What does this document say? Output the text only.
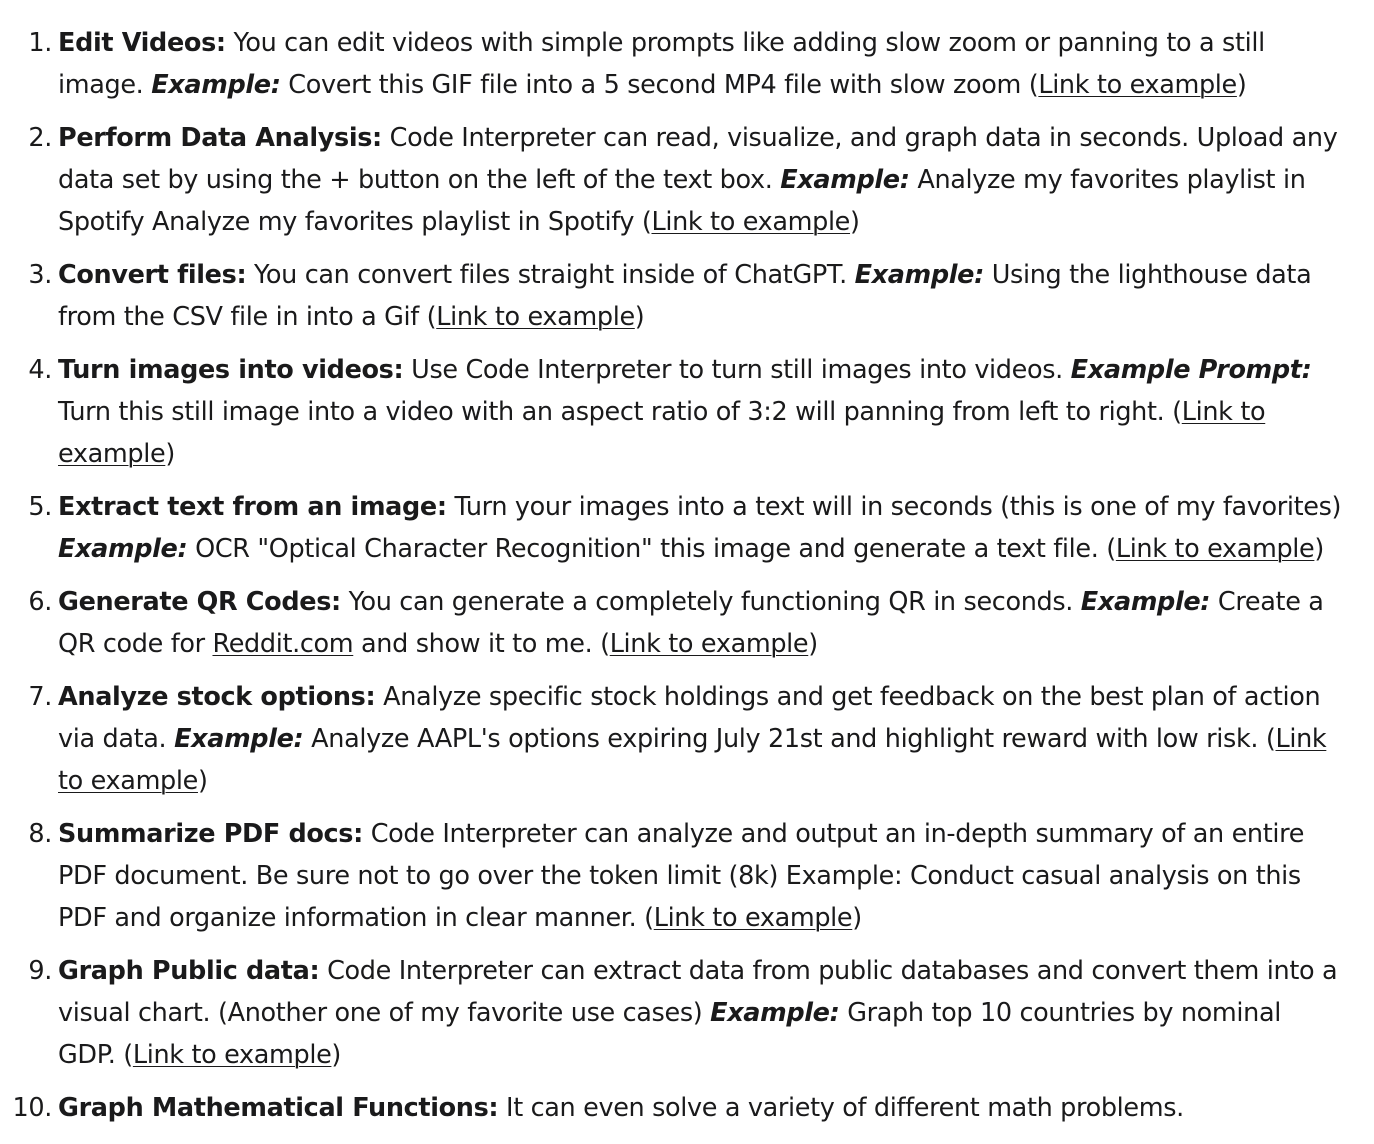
1. Edit Videos: You can edit videos with simple prompts like adding slow zoom or panning to a still image. Example: Covert this GIF file into a 5 second MP4 file with slow zoom (Link to example)
2. Perform Data Analysis: Code Interpreter can read, visualize, and graph data in seconds. Upload any data set by using the + button on the left of the text box. Example: Analyze my favorites playlist in Spotify Analyze my favorites playlist in Spotify (Link to example)
3. Convert files: You can convert files straight inside of ChatGPT. Example: Using the lighthouse data from the CSV file in into a Gif (Link to example)
4. Turn images into videos: Use Code Interpreter to turn still images into videos. Example Prompt: Turn this still image into a video with an aspect ratio of 3:2 will panning from left to right. (Link to example)
5. Extract text from an image: Turn your images into a text will in seconds (this is one of my favorites) Example: OCR "Optical Character Recognition" this image and generate a text file. (Link to example)
6. Generate QR Codes: You can generate a completely functioning QR in seconds. Example: Create a QR code for Reddit.com and show it to me. (Link to example)
7. Analyze stock options: Analyze specific stock holdings and get feedback on the best plan of action via data. Example: Analyze AAPL's options expiring July 21st and highlight reward with low risk. (Link to example)
8. Summarize PDF docs: Code Interpreter can analyze and output an in-depth summary of an entire PDF document. Be sure not to go over the token limit (8k) Example: Conduct casual analysis on this PDF and organize information in clear manner. (Link to example)
9. Graph Public data: Code Interpreter can extract data from public databases and convert them into a visual chart. (Another one of my favorite use cases) Example: Graph top 10 countries by nominal GDP. (Link to example)
10. Graph Mathematical Functions: It can even solve a variety of different math problems.
